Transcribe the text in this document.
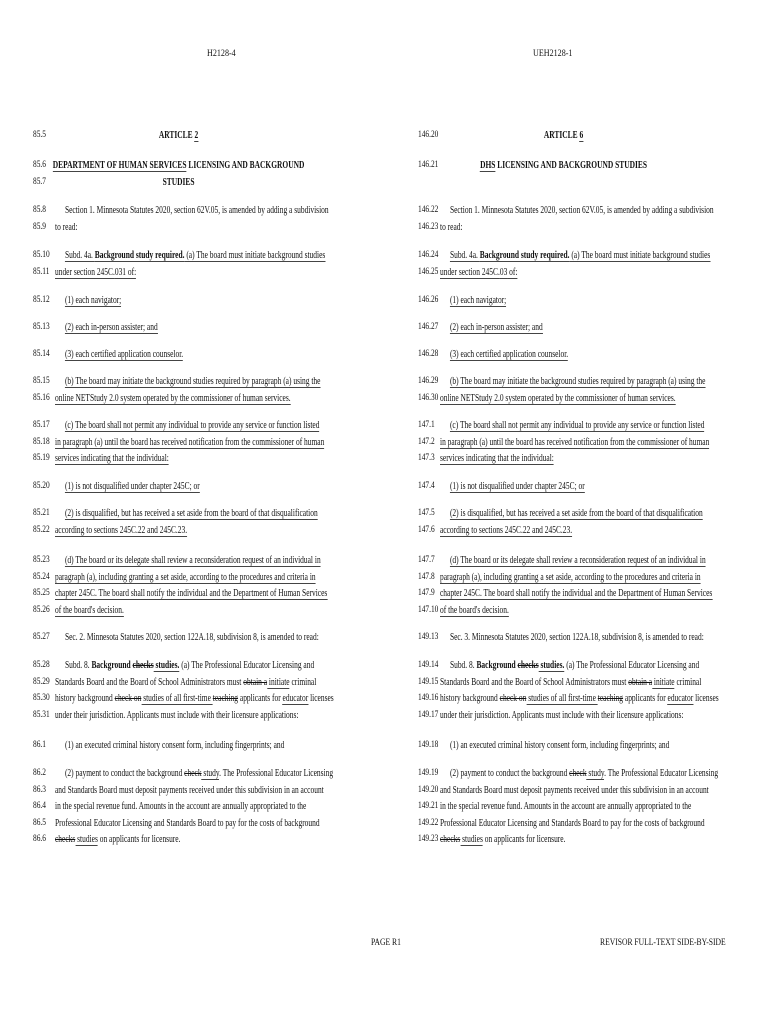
H2128-4	UEH2128-1
85.5	ARTICLE 2
85.6 DEPARTMENT OF HUMAN SERVICES LICENSING AND BACKGROUND
85.7	STUDIES
85.8	Section 1. Minnesota Statutes 2020, section 62V.05, is amended by adding a subdivision
85.9 to read:
85.10	Subd. 4a. Background study required. (a) The board must initiate background studies
85.11 under section 245C.031 of:
85.12	(1) each navigator;
85.13	(2) each in-person assister; and
85.14	(3) each certified application counselor.
85.15	(b) The board may initiate the background studies required by paragraph (a) using the
85.16 online NETStudy 2.0 system operated by the commissioner of human services.
85.17	(c) The board shall not permit any individual to provide any service or function listed
85.18 in paragraph (a) until the board has received notification from the commissioner of human
85.19 services indicating that the individual:
85.21	(2) is disqualified, but has received a set aside from the board of that disqualification
85.22 according to sections 245C.22 and 245C.23.
85.23	(d) The board or its delegate shall review a reconsideration request of an individual in
85.24 paragraph (a), including granting a set aside, according to the procedures and criteria in
85.25 chapter 245C. The board shall notify the individual and the Department of Human Services
85.26 of the board's decision.
85.20	(1) is not disqualified under chapter 245C; or
85.27	Sec. 2. Minnesota Statutes 2020, section 122A.18, subdivision 8, is amended to read:
85.28	Subd. 8. Background checks studies. (a) The Professional Educator Licensing and
85.29 Standards Board and the Board of School Administrators must obtain a initiate criminal
85.30 history background check on studies of all first-time teaching applicants for educator licenses
85.31 under their jurisdiction. Applicants must include with their licensure applications:
86.1	(1) an executed criminal history consent form, including fingerprints; and
86.2	(2) payment to conduct the background check study. The Professional Educator Licensing
86.3 and Standards Board must deposit payments received under this subdivision in an account
86.4 in the special revenue fund. Amounts in the account are annually appropriated to the
86.5 Professional Educator Licensing and Standards Board to pay for the costs of background
86.6 checks studies on applicants for licensure.
146.20	ARTICLE 6
146.21	DHS LICENSING AND BACKGROUND STUDIES
146.22	Section 1. Minnesota Statutes 2020, section 62V.05, is amended by adding a subdivision
146.23 to read:
146.24	Subd. 4a. Background study required. (a) The board must initiate background studies
146.25 under section 245C.03 of:
146.26	(1) each navigator;
146.27	(2) each in-person assister; and
146.28	(3) each certified application counselor.
146.29	(b) The board may initiate the background studies required by paragraph (a) using the
146.30 online NETStudy 2.0 system operated by the commissioner of human services.
147.1	(c) The board shall not permit any individual to provide any service or function listed
147.2 in paragraph (a) until the board has received notification from the commissioner of human
147.3 services indicating that the individual:
147.5	(2) is disqualified, but has received a set aside from the board of that disqualification
147.6 according to sections 245C.22 and 245C.23.
147.7	(d) The board or its delegate shall review a reconsideration request of an individual in
147.8 paragraph (a), including granting a set aside, according to the procedures and criteria in
147.9 chapter 245C. The board shall notify the individual and the Department of Human Services
147.10 of the board's decision.
147.4	(1) is not disqualified under chapter 245C; or
149.13	Sec. 3. Minnesota Statutes 2020, section 122A.18, subdivision 8, is amended to read:
149.14	Subd. 8. Background checks studies. (a) The Professional Educator Licensing and
149.15 Standards Board and the Board of School Administrators must obtain a initiate criminal
149.16 history background check on studies of all first-time teaching applicants for educator licenses
149.17 under their jurisdiction. Applicants must include with their licensure applications:
149.18	(1) an executed criminal history consent form, including fingerprints; and
149.19	(2) payment to conduct the background check study. The Professional Educator Licensing
149.20 and Standards Board must deposit payments received under this subdivision in an account
149.21 in the special revenue fund. Amounts in the account are annually appropriated to the
149.22 Professional Educator Licensing and Standards Board to pay for the costs of background
149.23 checks studies on applicants for licensure.
PAGE R1	REVISOR FULL-TEXT SIDE-BY-SIDE
